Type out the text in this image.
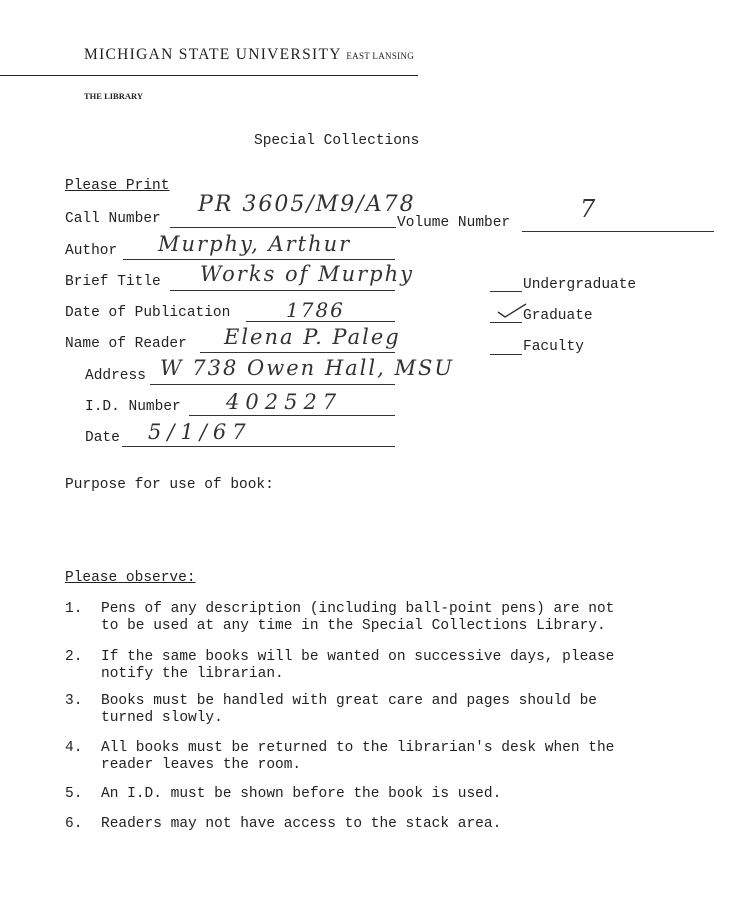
MICHIGAN STATE UNIVERSITY EAST LANSING
THE LIBRARY
Special Collections
Please Print
Call Number
PR 3605/M9/A78
Volume Number	7
Author Murphy, Arthur
Brief Title Works of Murphy	Undergraduate
Graduate
Faculty
Date of Publication	1786
Name of Reader Elena P. Paleg
Address W 738 Owen Hall, MSU
I.D. Number 402527
Date 5/1/67
Purpose for use of book:
Please observe:
1. Pens of any description (including ball-point pens) are not
to be used at any time in the Special Collections Library.
2. If the same books will be wanted on successive days, please
notify the librarian.
3. Books must be handled with great care and pages should be
turned slowly.
4. All books must be returned to the librarian's desk when the
reader leaves the room.
5. An I.D. must be shown before the book is used.
6. Readers may not have access to the stack area.
